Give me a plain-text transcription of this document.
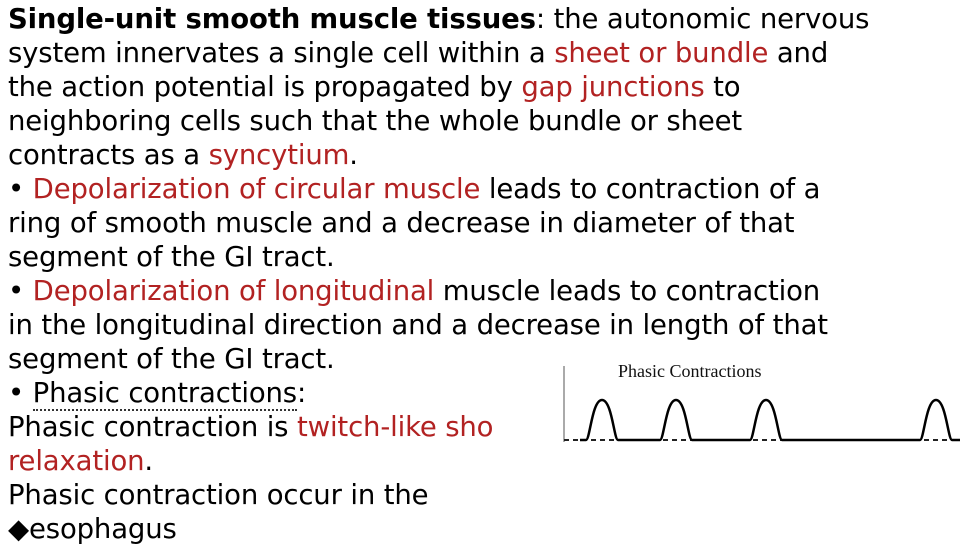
Single-unit smooth muscle tissues: the autonomic nervous
system innervates a single cell within a sheet or bundle and
the action potential is propagated by gap junctions to
neighboring cells such that the whole bundle or sheet
contracts as a syncytium.
• Depolarization of circular muscle leads to contraction of a
ring of smooth muscle and a decrease in diameter of that
segment of the GI tract.
• Depolarization of longitudinal muscle leads to contraction
in the longitudinal direction and a decrease in length of that
segment of the GI tract.
• Phasic contractions:
Phasic contraction is twitch-like sho
relaxation.
Phasic contraction occur in the
◆esophagus
Phasic Contractions
